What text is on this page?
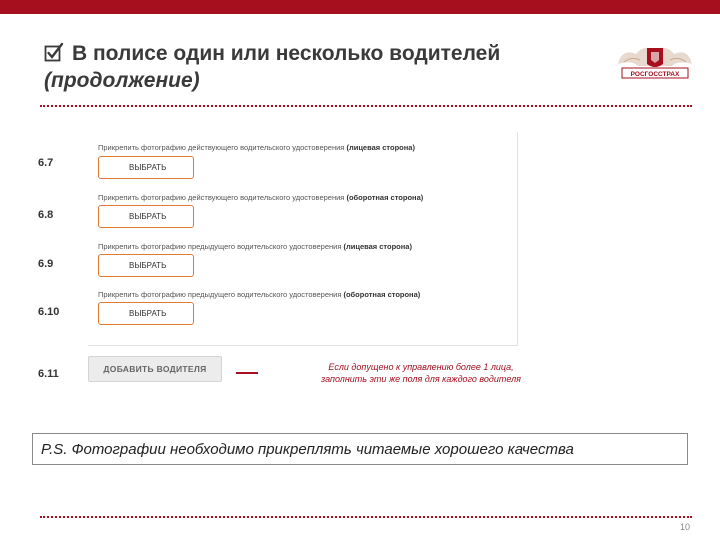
В полисе один или несколько водителей
(продолжение)	РОСГОССТРАХ
6.7
Прикрепить фотографию действующего водительского удостоверения (лицевая сторона)
ВЫБРАТЬ
6.8
Прикрепить фотографию действующего водительского удостоверения (оборотная сторона)
ВЫБРАТЬ
6.9
Прикрепить фотографию предыдущего водительского удостоверения (лицевая сторона)
ВЫБРАТЬ
6.10
Прикрепить фотографию предыдущего водительского удостоверения (оборотная сторона)
ВЫБРАТЬ
6.11	ДОБАВИТЬ ВОДИТЕЛЯ	Если допущено к управлению более 1 лица,
заполнить эти же поля для каждого водителя
P.S. Фотографии необходимо прикреплять читаемые хорошего качества
10
